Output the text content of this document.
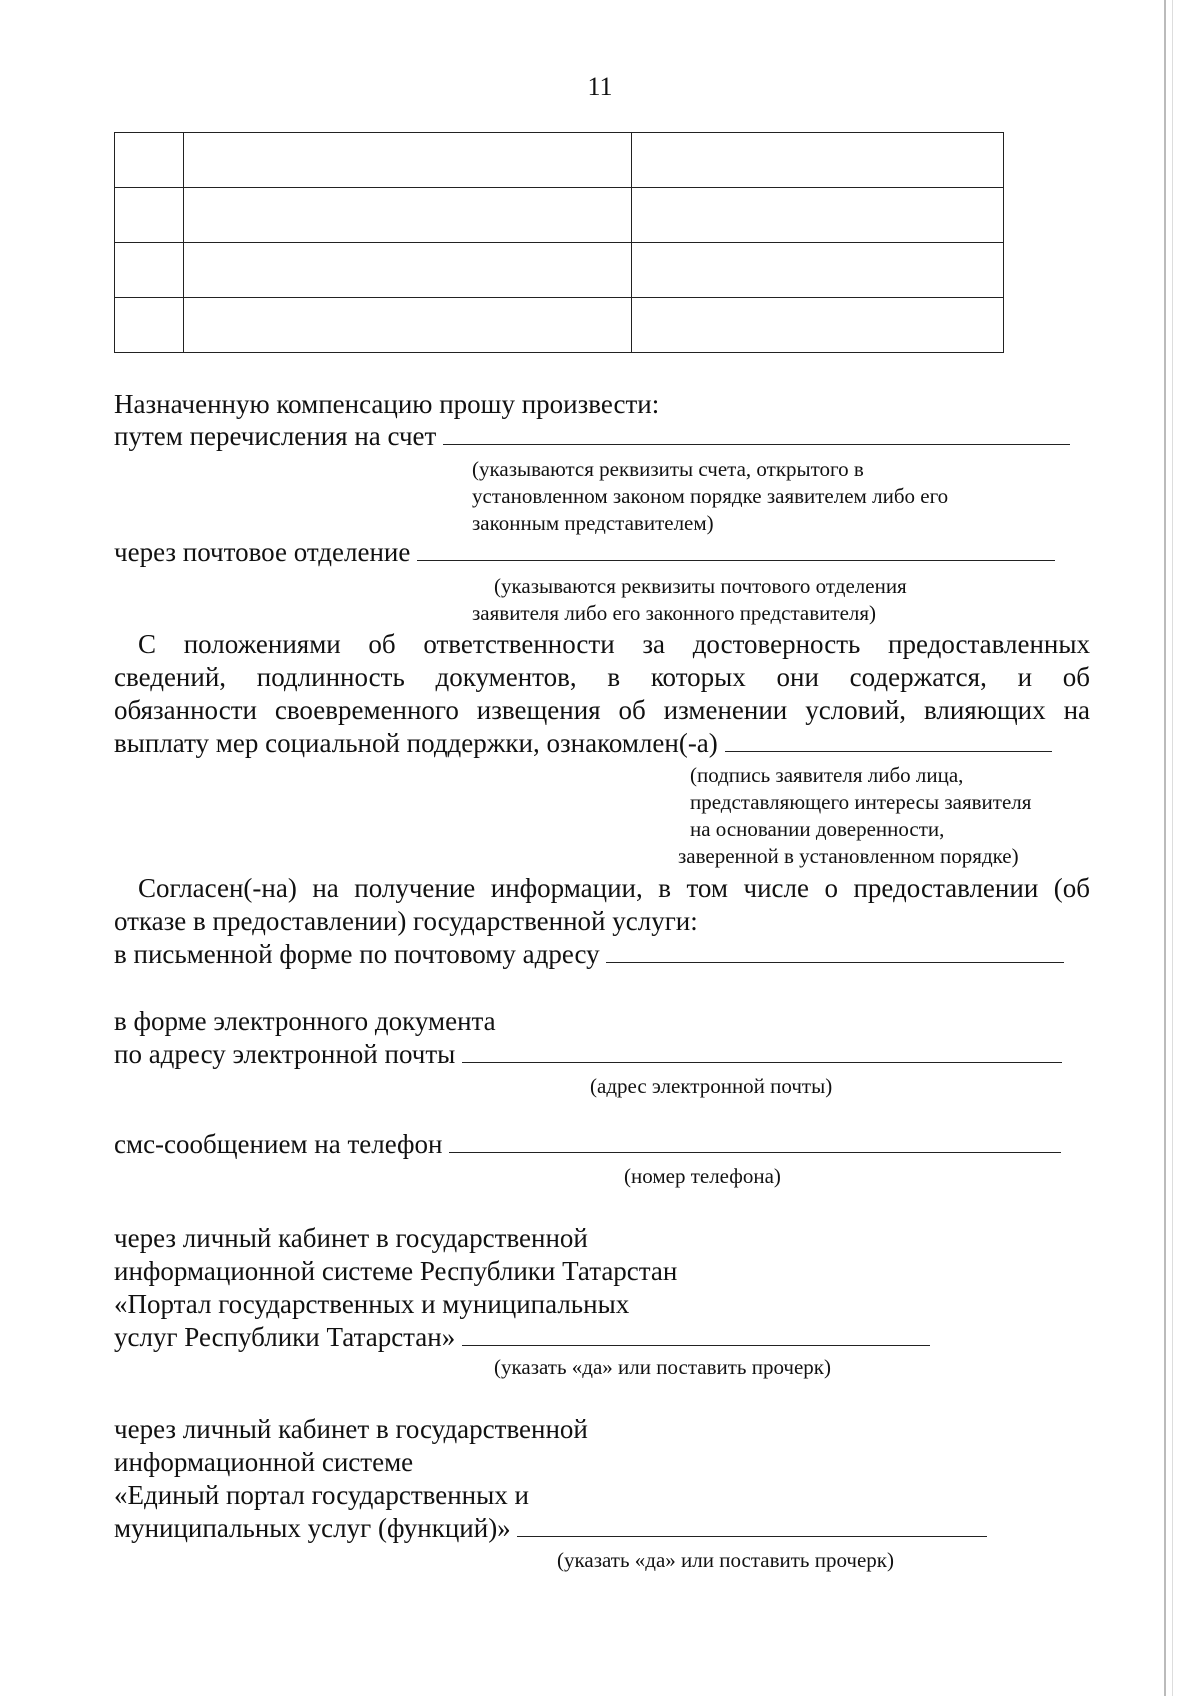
11

Назначенную компенсацию прошу произвести:
путем перечисления на счет
(указываются реквизиты счета, открытого в
установленном законом порядке заявителем либо его
законным представителем)
через почтовое отделение
(указываются реквизиты почтового отделения
заявителя либо его законного представителя)
С положениями об ответственности за достоверность предоставленных
сведений, подлинность документов, в которых они содержатся, и об
обязанности своевременного извещения об изменении условий, влияющих на
выплату мер социальной поддержки, ознакомлен(-а)
(подпись заявителя либо лица,
представляющего интересы заявителя
на основании доверенности,
заверенной в установленном порядке)
Согласен(-на) на получение информации, в том числе о предоставлении (об
отказе в предоставлении) государственной услуги:
в письменной форме по почтовому адресу
в форме электронного документа
по адресу электронной почты
(адрес электронной почты)
смс-сообщением на телефон
(номер телефона)
через личный кабинет в государственной
информационной системе Республики Татарстан
«Портал государственных и муниципальных
услуг Республики Татарстан»
(указать «да» или поставить прочерк)
через личный кабинет в государственной
информационной системе
«Единый портал государственных и
муниципальных услуг (функций)»
(указать «да» или поставить прочерк)
